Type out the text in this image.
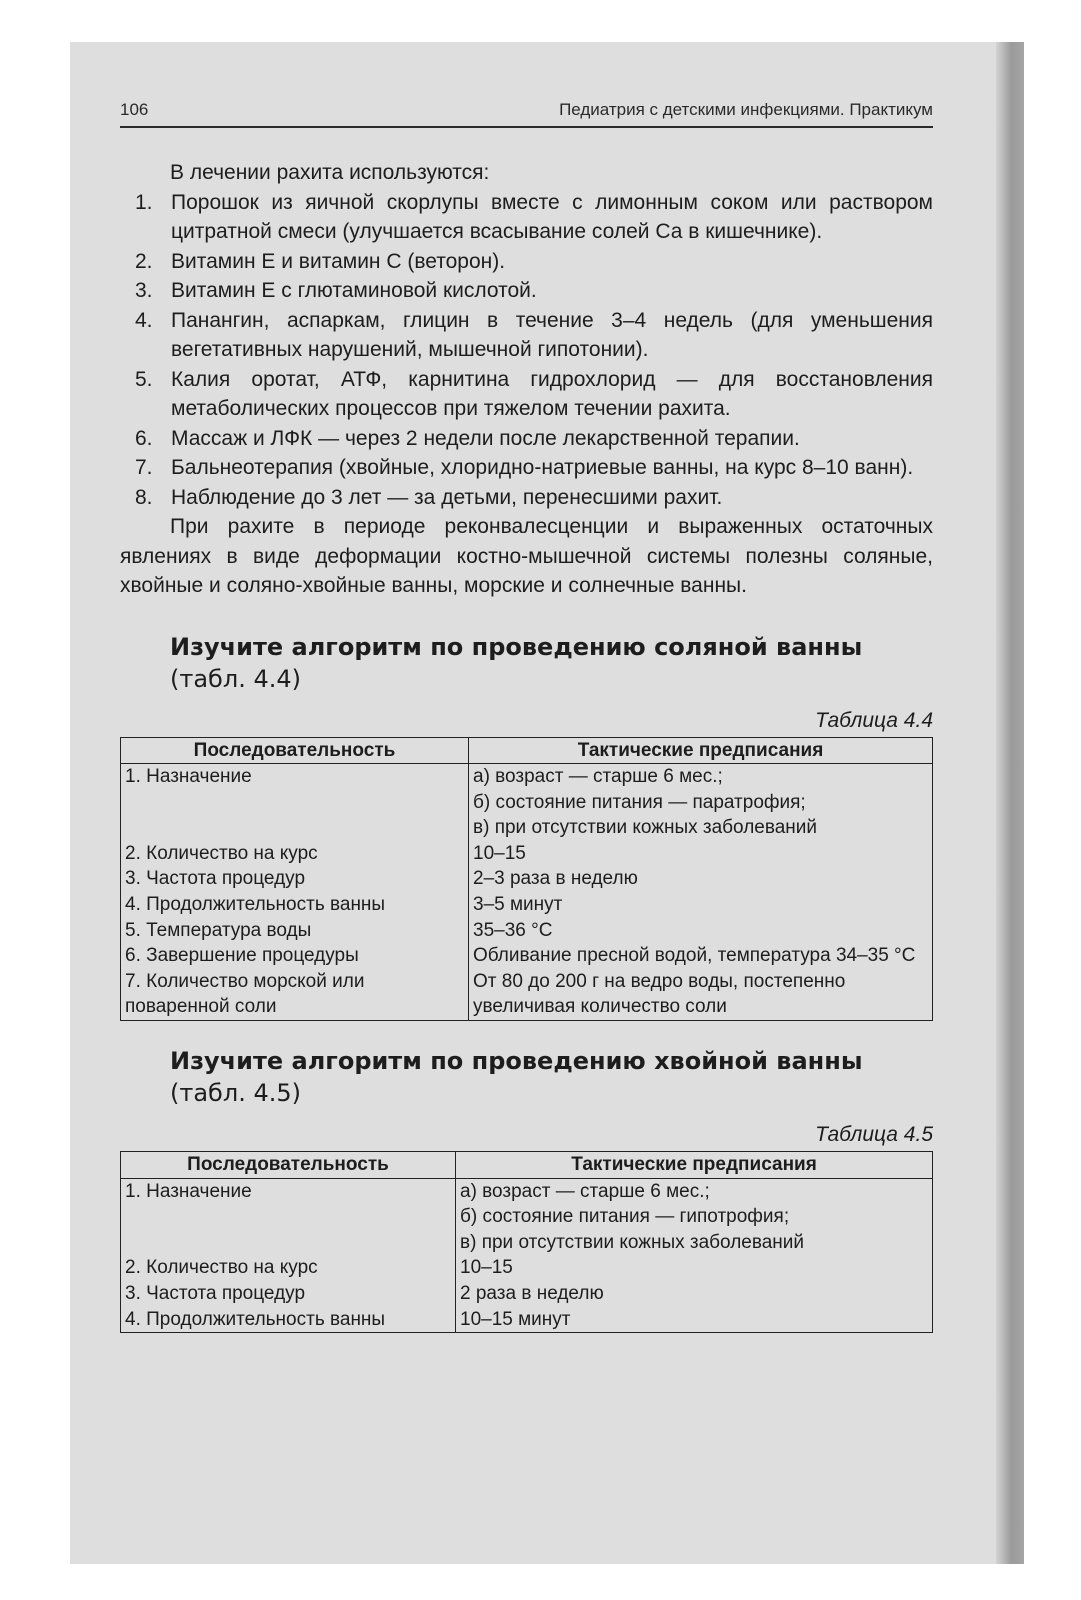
106	Педиатрия с детскими инфекциями. Практикум

В лечении рахита используются:

1. Порошок из яичной скорлупы вместе с лимонным соком или раствором цитратной смеси (улучшается всасывание солей Са в кишечнике).
2. Витамин Е и витамин С (веторон).
3. Витамин Е с глютаминовой кислотой.
4. Панангин, аспаркам, глицин в течение 3–4 недель (для уменьшения вегетативных нарушений, мышечной гипотонии).
5. Калия оротат, АТФ, карнитина гидрохлорид — для восстановления метаболических процессов при тяжелом течении рахита.
6. Массаж и ЛФК — через 2 недели после лекарственной терапии.
7. Бальнеотерапия (хвойные, хлоридно-натриевые ванны, на курс 8–10 ванн).
8. Наблюдение до 3 лет — за детьми, перенесшими рахит.

При рахите в периоде реконвалесценции и выраженных остаточных явлениях в виде деформации костно-мышечной системы полезны соляные, хвойные и соляно-хвойные ванны, морские и солнечные ванны.

Изучите алгоритм по проведению соляной ванны
(табл. 4.4)
Таблица 4.4
Последовательность	Тактические предписания
1. Назначение	а) возраст — старше 6 мес.;
б) состояние питания — паратрофия;
в) при отсутствии кожных заболеваний

2. Количество на курс	10–15

3. Частота процедур	2–3 раза в неделю

4. Продолжительность ванны	3–5 минут

5. Температура воды	35–36 °С

6. Завершение процедуры	Обливание пресной водой, температура 34–35 °С

7. Количество морской или поваренной соли	От 80 до 200 г на ведро воды, постепенно увеличивая количество соли
Изучите алгоритм по проведению хвойной ванны
(табл. 4.5)
Таблица 4.5
Последовательность	Тактические предписания
1. Назначение	а) возраст — старше 6 мес.;
б) состояние питания — гипотрофия;
в) при отсутствии кожных заболеваний

2. Количество на курс	10–15

3. Частота процедур	2 раза в неделю

4. Продолжительность ванны	10–15 минут
